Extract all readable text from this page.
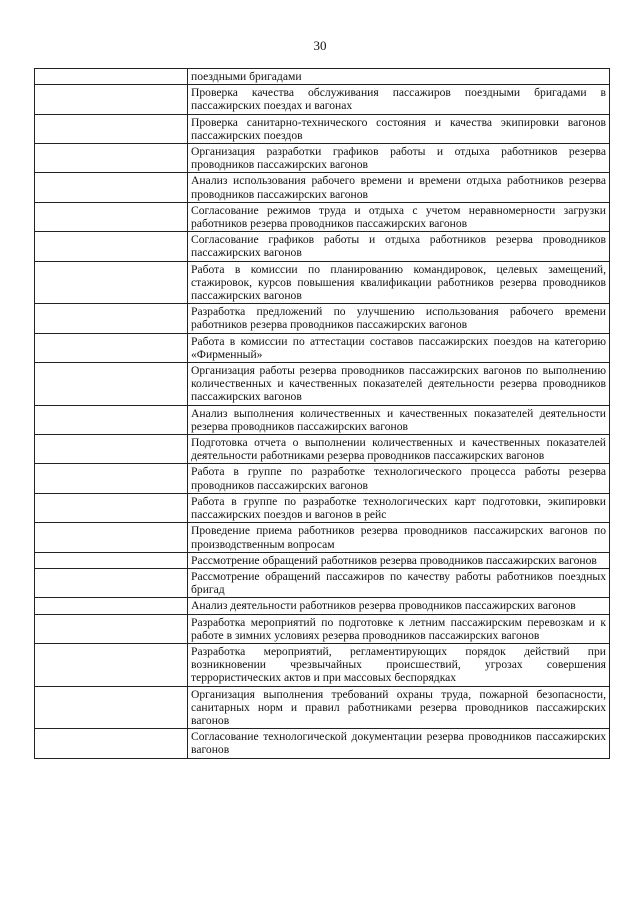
30
	поездными бригадами
	Проверка качества обслуживания пассажиров поездными бригадами в пассажирских поездах и вагонах
	Проверка санитарно-технического состояния и качества экипировки вагонов пассажирских поездов
	Организация разработки графиков работы и отдыха работников резерва проводников пассажирских вагонов
	Анализ использования рабочего времени и времени отдыха работников резерва проводников пассажирских вагонов
	Согласование режимов труда и отдыха с учетом неравномерности загрузки работников резерва проводников пассажирских вагонов
	Согласование графиков работы и отдыха работников резерва проводников пассажирских вагонов
	Работа в комиссии по планированию командировок, целевых замещений, стажировок, курсов повышения квалификации работников резерва проводников пассажирских вагонов
	Разработка предложений по улучшению использования рабочего времени работников резерва проводников пассажирских вагонов
	Работа в комиссии по аттестации составов пассажирских поездов на категорию «Фирменный»
	Организация работы резерва проводников пассажирских вагонов по выполнению количественных и качественных показателей деятельности резерва проводников пассажирских вагонов
	Анализ выполнения количественных и качественных показателей деятельности резерва проводников пассажирских вагонов
	Подготовка отчета о выполнении количественных и качественных показателей деятельности работниками резерва проводников пассажирских вагонов
	Работа в группе по разработке технологического процесса работы резерва проводников пассажирских вагонов
	Работа в группе по разработке технологических карт подготовки, экипировки пассажирских поездов и вагонов в рейс
	Проведение приема работников резерва проводников пассажирских вагонов по производственным вопросам
	Рассмотрение обращений работников резерва проводников пассажирских вагонов
	Рассмотрение обращений пассажиров по качеству работы работников поездных бригад
	Анализ деятельности работников резерва проводников пассажирских вагонов
	Разработка мероприятий по подготовке к летним пассажирским перевозкам и к работе в зимних условиях резерва проводников пассажирских вагонов
	Разработка мероприятий, регламентирующих порядок действий при возникновении чрезвычайных происшествий, угрозах совершения террористических актов и при массовых беспорядках
	Организация выполнения требований охраны труда, пожарной безопасности, санитарных норм и правил работниками резерва проводников пассажирских вагонов
	Согласование технологической документации резерва проводников пассажирских вагонов
